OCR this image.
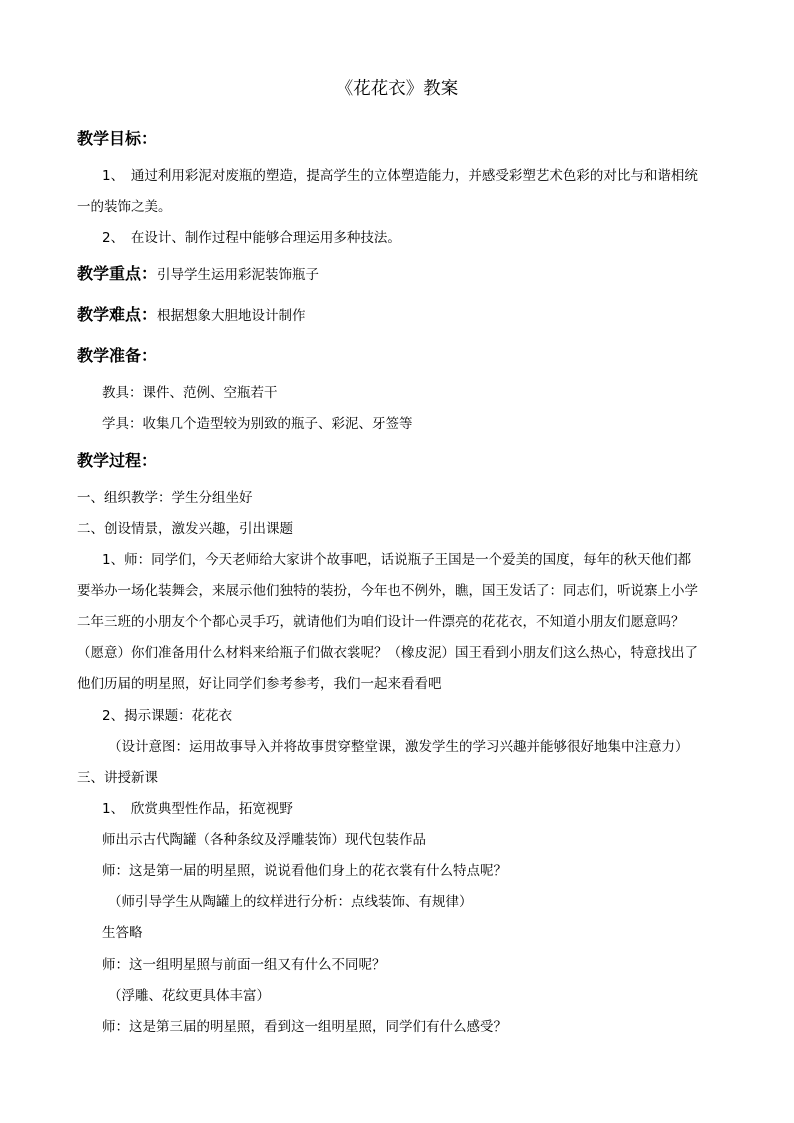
《花花衣》教案
教学目标：
1、　通过利用彩泥对废瓶的塑造，提高学生的立体塑造能力，并感受彩塑艺术色彩的对比与和谐相统
一的装饰之美。
2、　在设计、制作过程中能够合理运用多种技法。
教学重点：引导学生运用彩泥装饰瓶子
教学难点：根据想象大胆地设计制作
教学准备：
教具：课件、范例、空瓶若干
学具：收集几个造型较为别致的瓶子、彩泥、牙签等
教学过程：
一、组织教学：学生分组坐好
二、创设情景，激发兴趣，引出课题
1、师：同学们，今天老师给大家讲个故事吧，话说瓶子王国是一个爱美的国度，每年的秋天他们都
要举办一场化装舞会，来展示他们独特的装扮，今年也不例外，瞧，国王发话了：同志们，听说寨上小学
二年三班的小朋友个个都心灵手巧，就请他们为咱们设计一件漂亮的花花衣，不知道小朋友们愿意吗？
（愿意）你们准备用什么材料来给瓶子们做衣裳呢？（橡皮泥）国王看到小朋友们这么热心，特意找出了
他们历届的明星照，好让同学们参考参考，我们一起来看看吧
2、揭示课题：花花衣
（设计意图：运用故事导入并将故事贯穿整堂课，激发学生的学习兴趣并能够很好地集中注意力）
三、讲授新课
1、　欣赏典型性作品，拓宽视野
师出示古代陶罐（各种条纹及浮雕装饰）现代包装作品
师：这是第一届的明星照，说说看他们身上的花衣裳有什么特点呢？
（师引导学生从陶罐上的纹样进行分析：点线装饰、有规律）
生答略
师：这一组明星照与前面一组又有什么不同呢？
（浮雕、花纹更具体丰富）
师：这是第三届的明星照，看到这一组明星照，同学们有什么感受？
